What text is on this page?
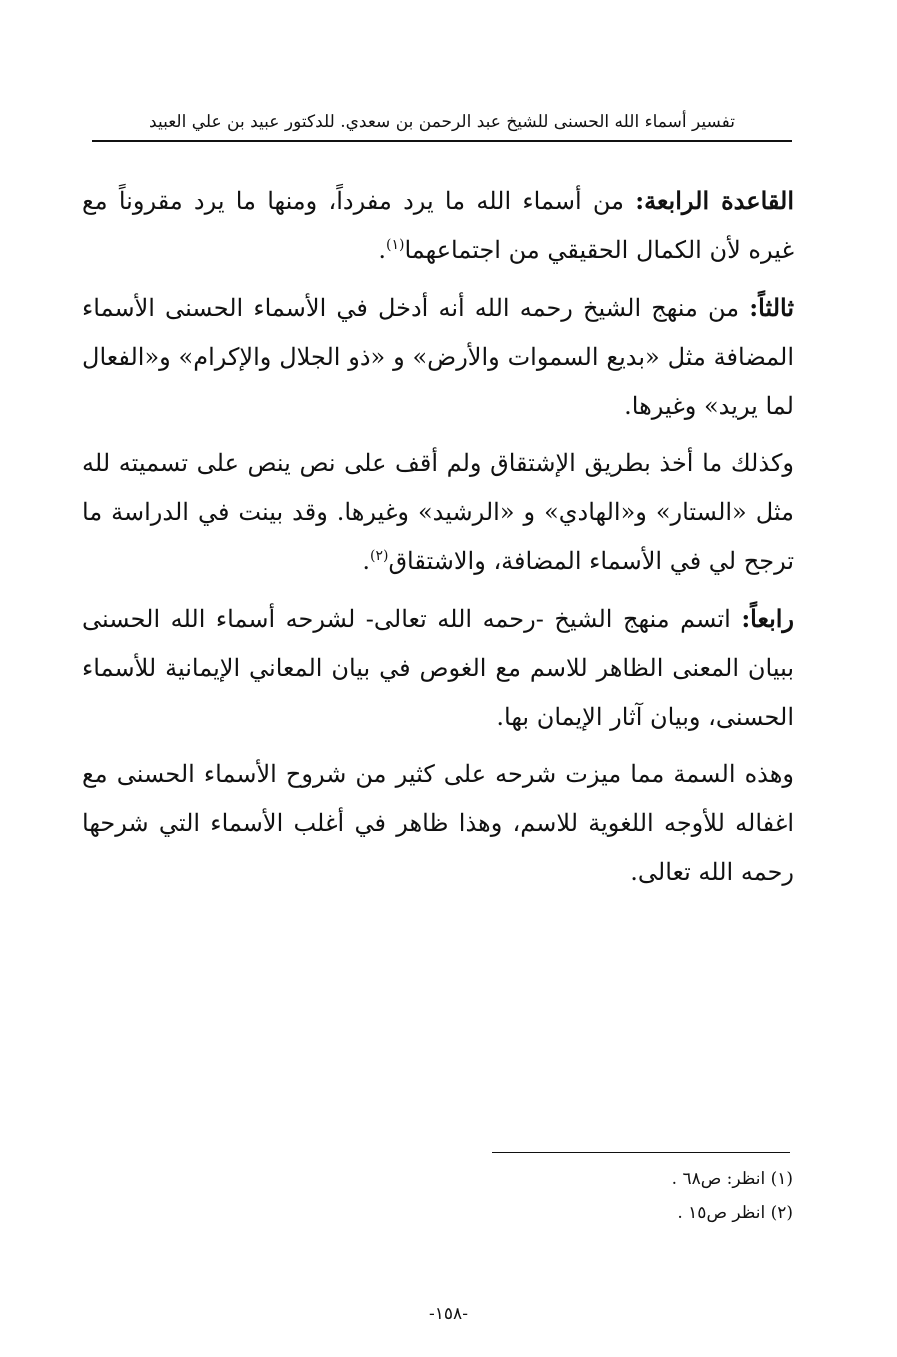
تفسير أسماء الله الحسنى للشيخ عبد الرحمن بن سعدي. للدكتور عبيد بن علي العبيد

القاعدة الرابعة: من أسماء الله ما يرد مفرداً، ومنها ما يرد مقروناً مع غيره لأن الكمال الحقيقي من اجتماعهما$^{(١)}$.

ثالثاً: من منهج الشيخ رحمه الله أنه أدخل في الأسماء الحسنى الأسماء المضافة مثل «بديع السموات والأرض» و «ذو الجلال والإكرام» و«الفعال لما يريد» وغيرها.

وكذلك ما أخذ بطريق الإشتقاق ولم أقف على نص ينص على تسميته لله مثل «الستار» و«الهادي» و «الرشيد» وغيرها. وقد بينت في الدراسة ما ترجح لي في الأسماء المضافة، والاشتقاق$^{(٢)}$.

رابعاً: اتسم منهج الشيخ -رحمه الله تعالى- لشرحه أسماء الله الحسنى ببيان المعنى الظاهر للاسم مع الغوص في بيان المعاني الإيمانية للأسماء الحسنى، وبيان آثار الإيمان بها.

وهذه السمة مما ميزت شرحه على كثير من شروح الأسماء الحسنى مع اغفاله للأوجه اللغوية للاسم، وهذا ظاهر في أغلب الأسماء التي شرحها رحمه الله تعالى.

(١) انظر: ص٦٨ .
(٢) انظر ص١٥ .
-١٥٨-
